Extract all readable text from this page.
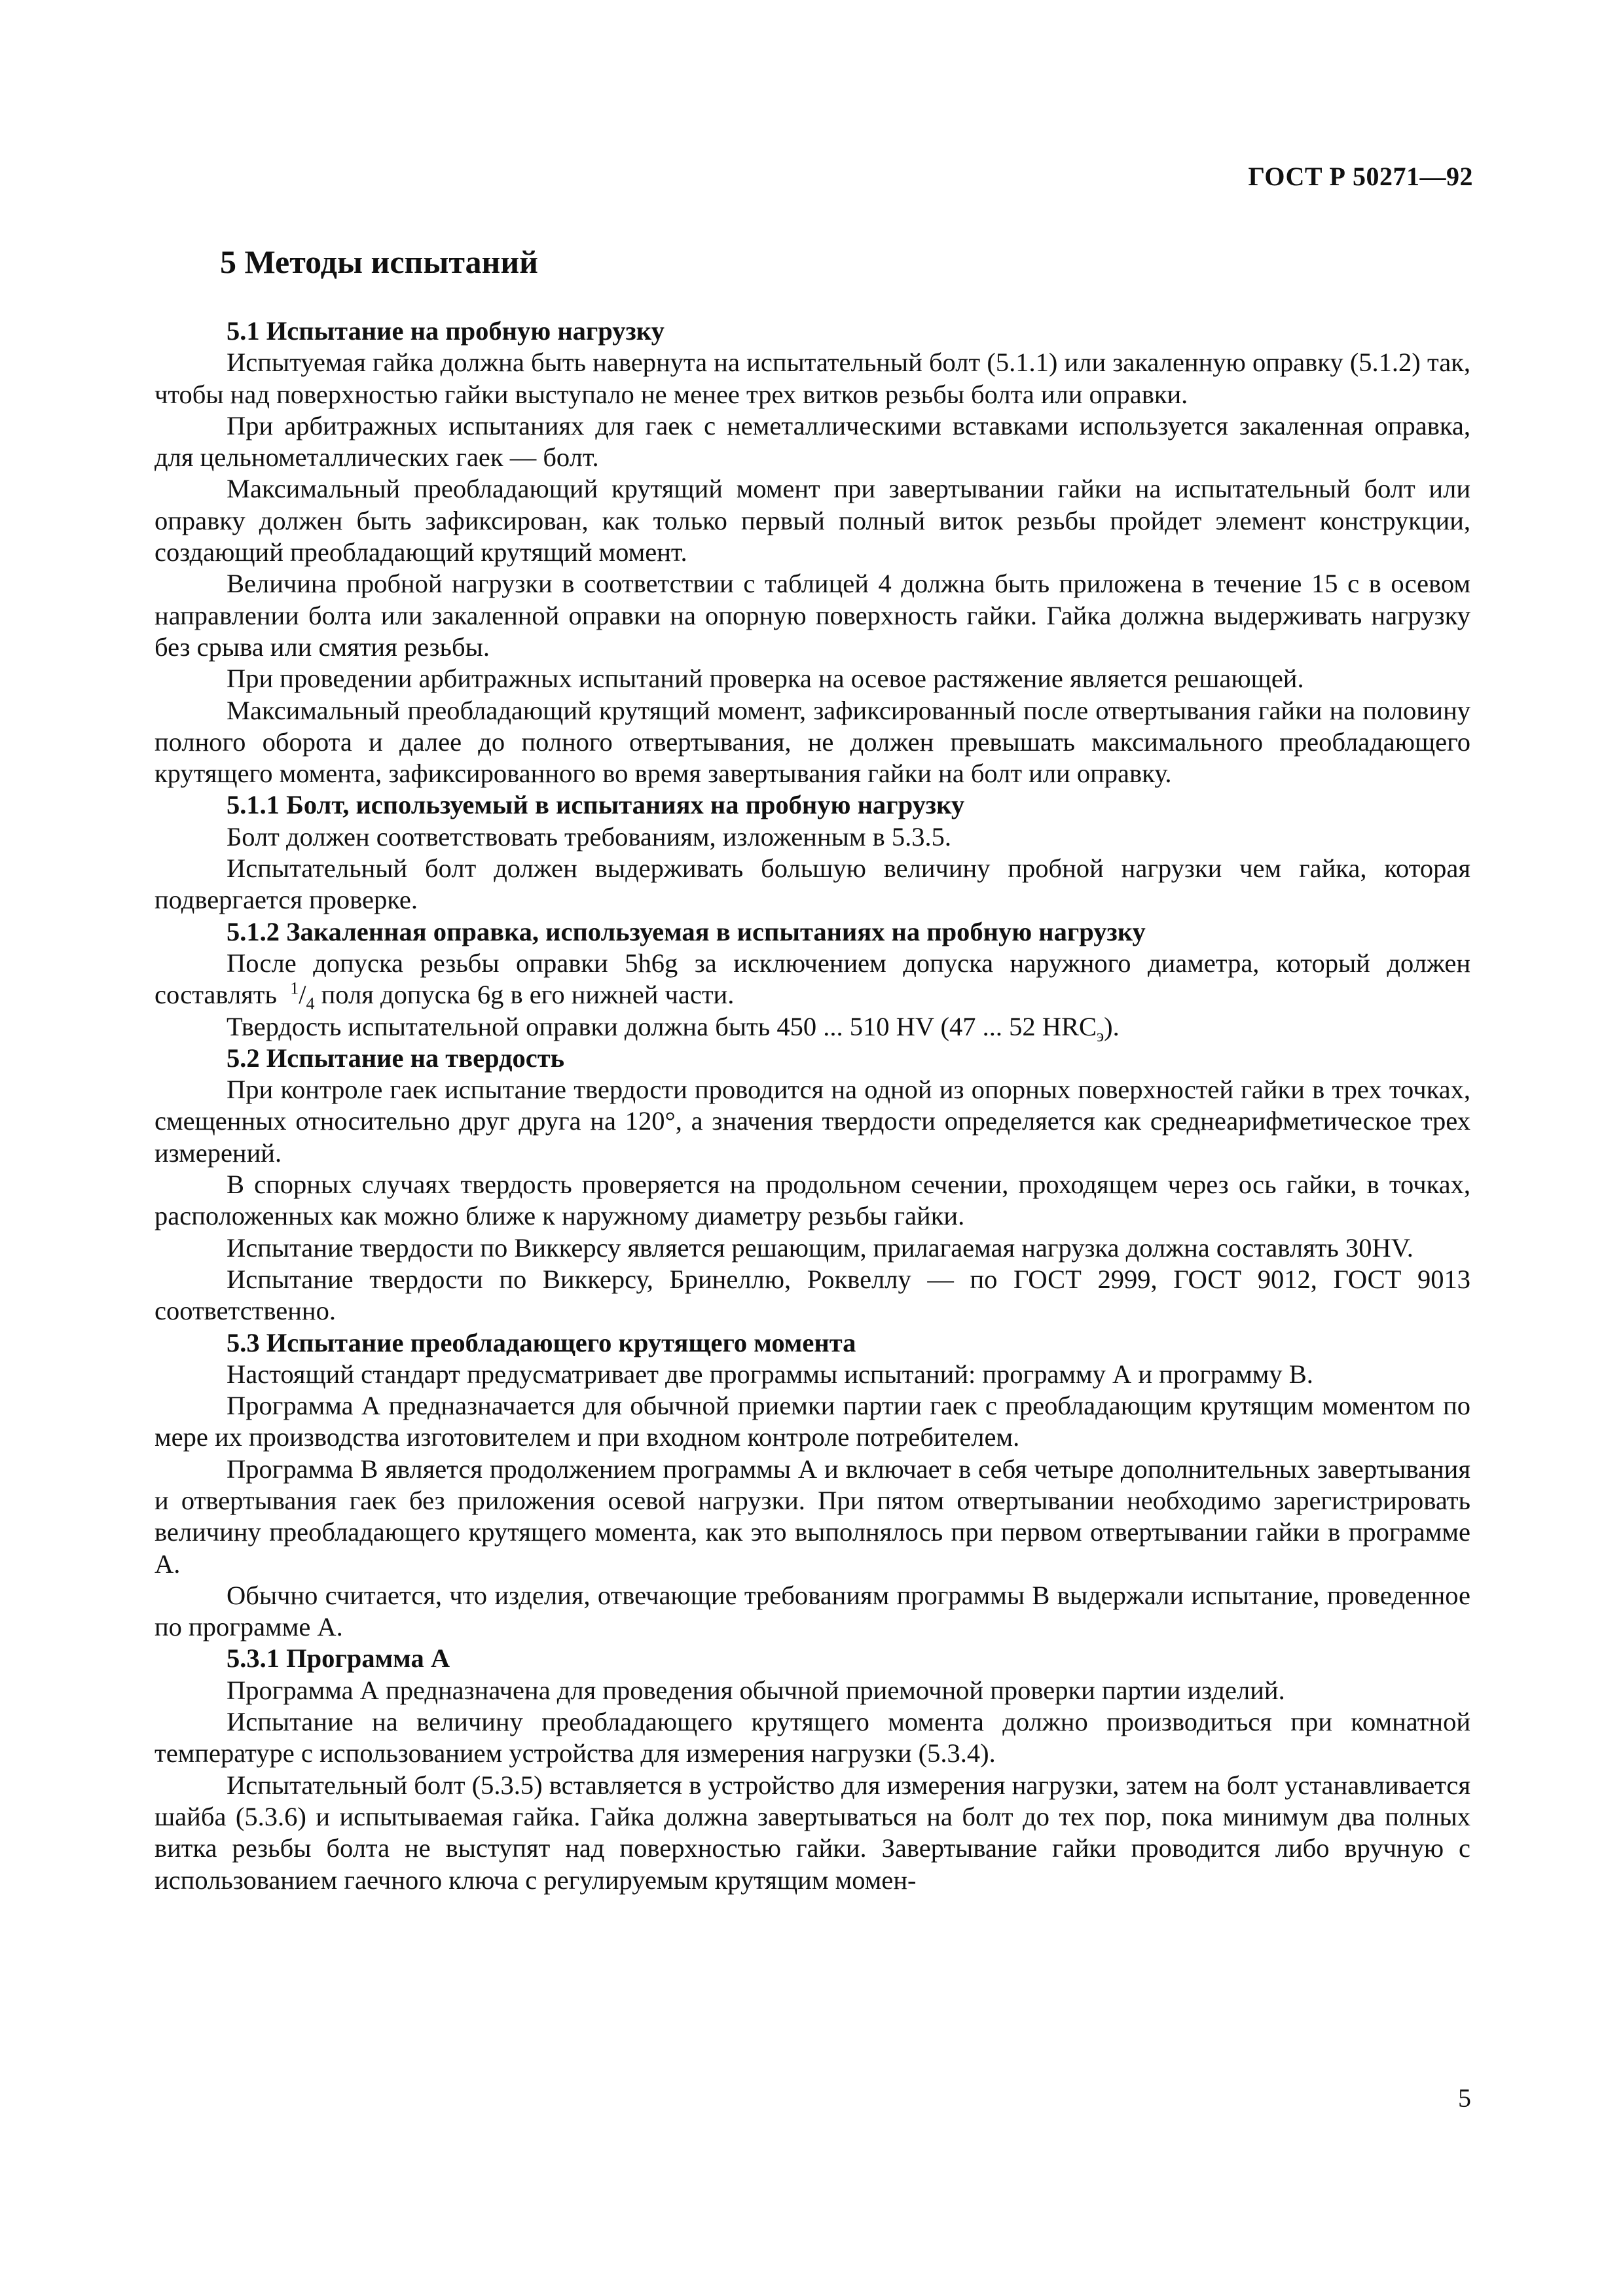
ГОСТ Р 50271—92
5 Методы испытаний
5.1 Испытание на пробную нагрузку
Испытуемая гайка должна быть навернута на испытательный болт (5.1.1) или закаленную оправку (5.1.2) так, чтобы над поверхностью гайки выступало не менее трех витков резьбы болта или оправки.
При арбитражных испытаниях для гаек с неметаллическими вставками используется закаленная оправка, для цельнометаллических гаек — болт.
Максимальный преобладающий крутящий момент при завертывании гайки на испытательный болт или оправку должен быть зафиксирован, как только первый полный виток резьбы пройдет элемент конструкции, создающий преобладающий крутящий момент.
Величина пробной нагрузки в соответствии с таблицей 4 должна быть приложена в течение 15 с в осевом направлении болта или закаленной оправки на опорную поверхность гайки. Гайка должна выдерживать нагрузку без срыва или смятия резьбы.
При проведении арбитражных испытаний проверка на осевое растяжение является решающей.
Максимальный преобладающий крутящий момент, зафиксированный после отвертывания гайки на половину полного оборота и далее до полного отвертывания, не должен превышать максимального преобладающего крутящего момента, зафиксированного во время завертывания гайки на болт или оправку.
5.1.1 Болт, используемый в испытаниях на пробную нагрузку
Болт должен соответствовать требованиям, изложенным в 5.3.5.
Испытательный болт должен выдерживать большую величину пробной нагрузки чем гайка, которая подвергается проверке.
5.1.2 Закаленная оправка, используемая в испытаниях на пробную нагрузку
После допуска резьбы оправки 5h6g за исключением допуска наружного диаметра, который должен составлять $^1/_4$ поля допуска 6g в его нижней части.
Твердость испытательной оправки должна быть 450 ... 510 HV (47 ... 52 $HRC_э$).
5.2 Испытание на твердость
При контроле гаек испытание твердости проводится на одной из опорных поверхностей гайки в трех точках, смещенных относительно друг друга на 120°, а значения твердости определяется как среднеарифметическое трех измерений.
В спорных случаях твердость проверяется на продольном сечении, проходящем через ось гайки, в точках, расположенных как можно ближе к наружному диаметру резьбы гайки.
Испытание твердости по Виккерсу является решающим, прилагаемая нагрузка должна составлять 30HV.
Испытание твердости по Виккерсу, Бринеллю, Роквеллу — по ГОСТ 2999, ГОСТ 9012, ГОСТ 9013 соответственно.
5.3 Испытание преобладающего крутящего момента
Настоящий стандарт предусматривает две программы испытаний: программу А и программу В.
Программа А предназначается для обычной приемки партии гаек с преобладающим крутящим моментом по мере их производства изготовителем и при входном контроле потребителем.
Программа В является продолжением программы А и включает в себя четыре дополнительных завертывания и отвертывания гаек без приложения осевой нагрузки. При пятом отвертывании необходимо зарегистрировать величину преобладающего крутящего момента, как это выполнялось при первом отвертывании гайки в программе А.
Обычно считается, что изделия, отвечающие требованиям программы В выдержали испытание, проведенное по программе А.
5.3.1 Программа А
Программа А предназначена для проведения обычной приемочной проверки партии изделий.
Испытание на величину преобладающего крутящего момента должно производиться при комнатной температуре с использованием устройства для измерения нагрузки (5.3.4).
Испытательный болт (5.3.5) вставляется в устройство для измерения нагрузки, затем на болт устанавливается шайба (5.3.6) и испытываемая гайка. Гайка должна завертываться на болт до тех пор, пока минимум два полных витка резьбы болта не выступят над поверхностью гайки. Завертывание гайки проводится либо вручную с использованием гаечного ключа с регулируемым крутящим момен-
5
